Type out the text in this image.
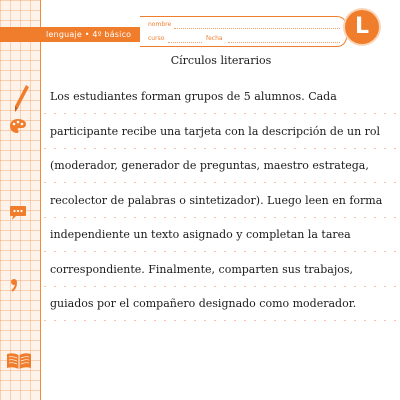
lenguaje • 4º básico
nombre
curso	fecha	L
Círculos literarios

Los estudiantes forman grupos de 5 alumnos. Cada participante recibe una tarjeta con la descripción de un rol (moderador, generador de preguntas, maestro estratega, recolector de palabras o sintetizador). Luego leen en forma independiente un texto asignado y completan la tarea correspondiente. Finalmente, comparten sus trabajos, guiados por el compañero designado como moderador.
